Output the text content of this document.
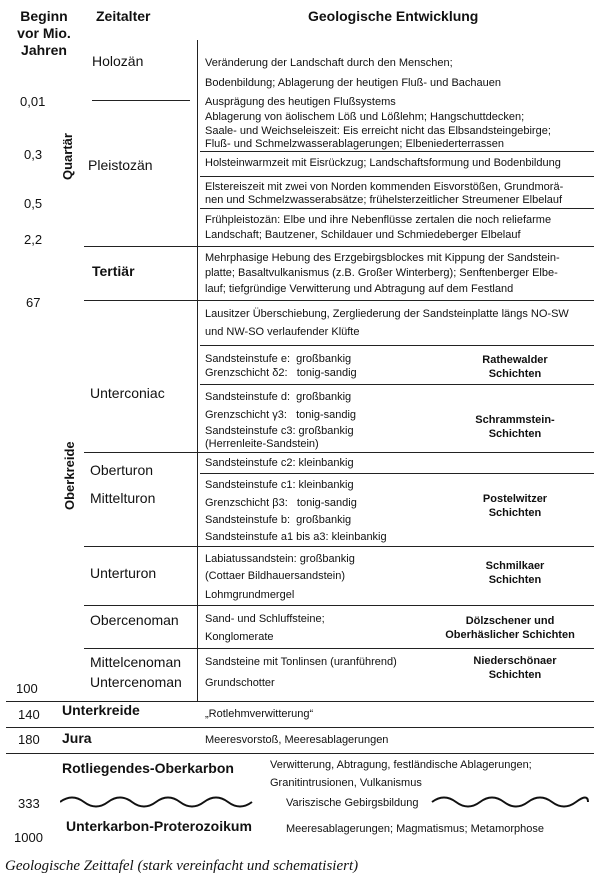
Beginn
vor Mio.
Jahren
Zeitalter	Geologische Entwicklung
0,01
0,3
0,5
2,2
67
100
140
180
333
1000
Quartär
Oberkreide
Holozän
Pleistozän
Tertiär
Unterconiac
Oberturon
Mittelturon
Unterturon
Obercenoman
Mittelcenoman
Untercenoman
Unterkreide
Jura
Rotliegendes-Oberkarbon
Unterkarbon-Proterozoikum
Veränderung der Landschaft durch den Menschen;
Bodenbildung; Ablagerung der heutigen Fluß- und Bachauen
Ausprägung des heutigen Flußsystems
Ablagerung von äolischem Löß und Lößlehm; Hangschuttdecken;
Saale- und Weichseleiszeit: Eis erreicht nicht das Elbsandsteingebirge;
Fluß- und Schmelzwasserablagerungen; Elbeniederterrassen
Holsteinwarmzeit mit Eisrückzug; Landschaftsformung und Bodenbildung
Elstereiszeit mit zwei von Norden kommenden Eisvorstößen, Grundmorä-
nen und Schmelzwasserabsätze; frühelsterzeitlicher Streumener Elbelauf
Frühpleistozän: Elbe und ihre Nebenflüsse zertalen die noch reliefarme
Landschaft; Bautzener, Schildauer und Schmiedeberger Elbelauf
Mehrphasige Hebung des Erzgebirgsblockes mit Kippung der Sandstein-
platte; Basaltvulkanismus (z.B. Großer Winterberg); Senftenberger Elbe-
lauf; tiefgründige Verwitterung und Abtragung auf dem Festland
Lausitzer Überschiebung, Zergliederung der Sandsteinplatte längs NO-SW
und NW-SO verlaufender Klüfte
Sandsteinstufe e:  großbankig
Grenzschicht δ2:   tonig-sandig
Sandsteinstufe d:  großbankig
Grenzschicht γ3:   tonig-sandig
Sandsteinstufe c3: großbankig
(Herrenleite-Sandstein)
Sandsteinstufe c2: kleinbankig
Sandsteinstufe c1: kleinbankig
Grenzschicht β3:   tonig-sandig
Sandsteinstufe b:  großbankig
Sandsteinstufe a1 bis a3: kleinbankig
Labiatussandstein: großbankig
(Cottaer Bildhauersandstein)
Lohmgrundmergel
Sand- und Schluffsteine;
Konglomerate
Sandsteine mit Tonlinsen (uranführend)
Grundschotter
„Rotlehmverwitterung“
Meeresvorstoß, Meeresablagerungen
Verwitterung, Abtragung, festländische Ablagerungen;
Granitintrusionen, Vulkanismus
Variszische Gebirgsbildung
Meeresablagerungen; Magmatismus; Metamorphose
Rathewalder
Schichten
Schrammstein-
Schichten
Postelwitzer
Schichten
Schmilkaer
Schichten
Dölzschener und
Oberhäslicher Schichten
Niederschönaer
Schichten
Geologische Zeittafel (stark vereinfacht und schematisiert)
